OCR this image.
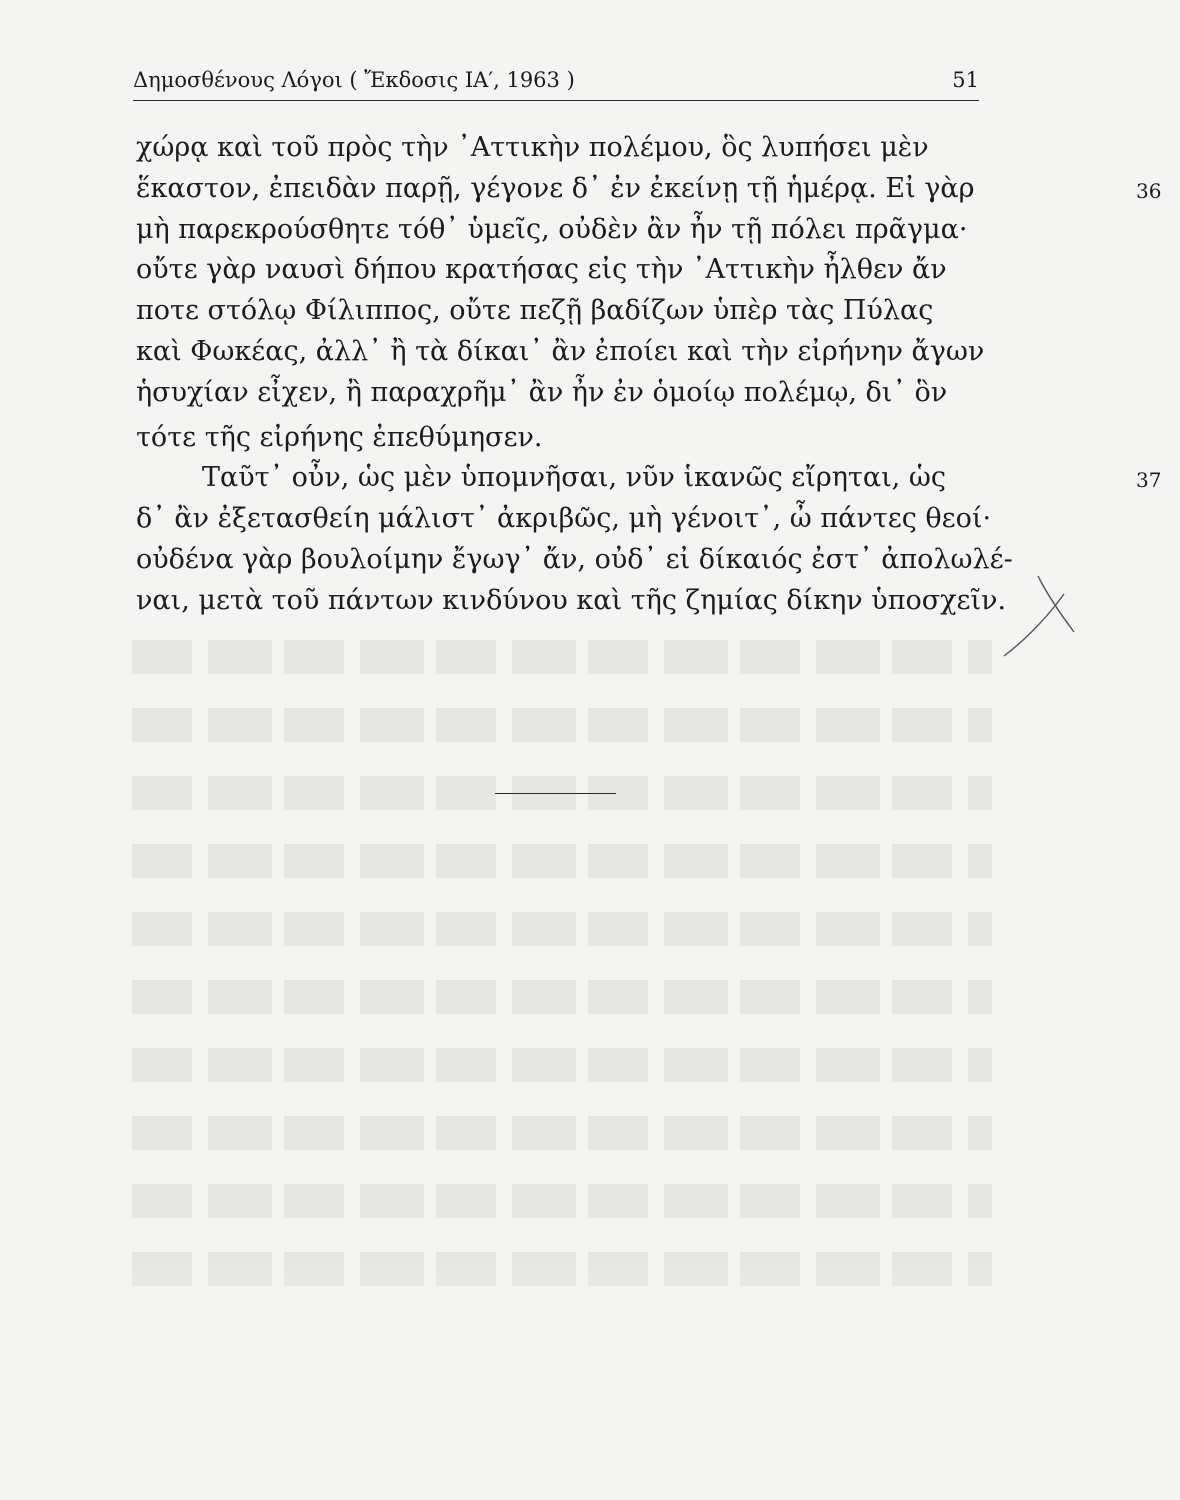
Δημοσθένους Λόγοι ( Ἔκδοσις ΙΑ′, 1963 )	51
χώρᾳ καὶ τοῦ πρὸς τὴν ᾿Αττικὴν πολέμου, ὃς λυπήσει μὲν
ἕκαστον, ἐπειδὰν παρῇ, γέγονε δ᾿ ἐν ἐκείνῃ τῇ ἡμέρᾳ. Εἰ γὰρ	36
μὴ παρεκρούσθητε τόθ᾿ ὑμεῖς, οὐδὲν ἂν ἦν τῇ πόλει πρᾶγμα·
οὔτε γὰρ ναυσὶ δήπου κρατήσας εἰς τὴν ᾿Αττικὴν ἦλθεν ἄν
ποτε στόλῳ Φίλιππος, οὔτε πεζῇ βαδίζων ὑπὲρ τὰς Πύλας
καὶ Φωκέας, ἀλλ᾿ ἢ τὰ δίκαι᾿ ἂν ἐποίει καὶ τὴν εἰρήνην ἄγων
ἡσυχίαν εἶχεν, ἢ παραχρῆμ᾿ ἂν ἦν ἐν ὁμοίῳ πολέμῳ, δι᾿ ὃν
τότε τῆς εἰρήνης ἐπεθύμησεν.
Ταῦτ᾿ οὖν, ὡς μὲν ὑπομνῆσαι, νῦν ἱκανῶς εἴρηται, ὡς	37
δ᾿ ἂν ἐξετασθείη μάλιστ᾿ ἀκριβῶς, μὴ γένοιτ᾿, ὦ πάντες θεοί·
οὐδένα γὰρ βουλοίμην ἔγωγ᾿ ἄν, οὐδ᾿ εἰ δίκαιός ἐστ᾿ ἀπολωλέ-
ναι, μετὰ τοῦ πάντων κινδύνου καὶ τῆς ζημίας δίκην ὑποσχεῖν.
